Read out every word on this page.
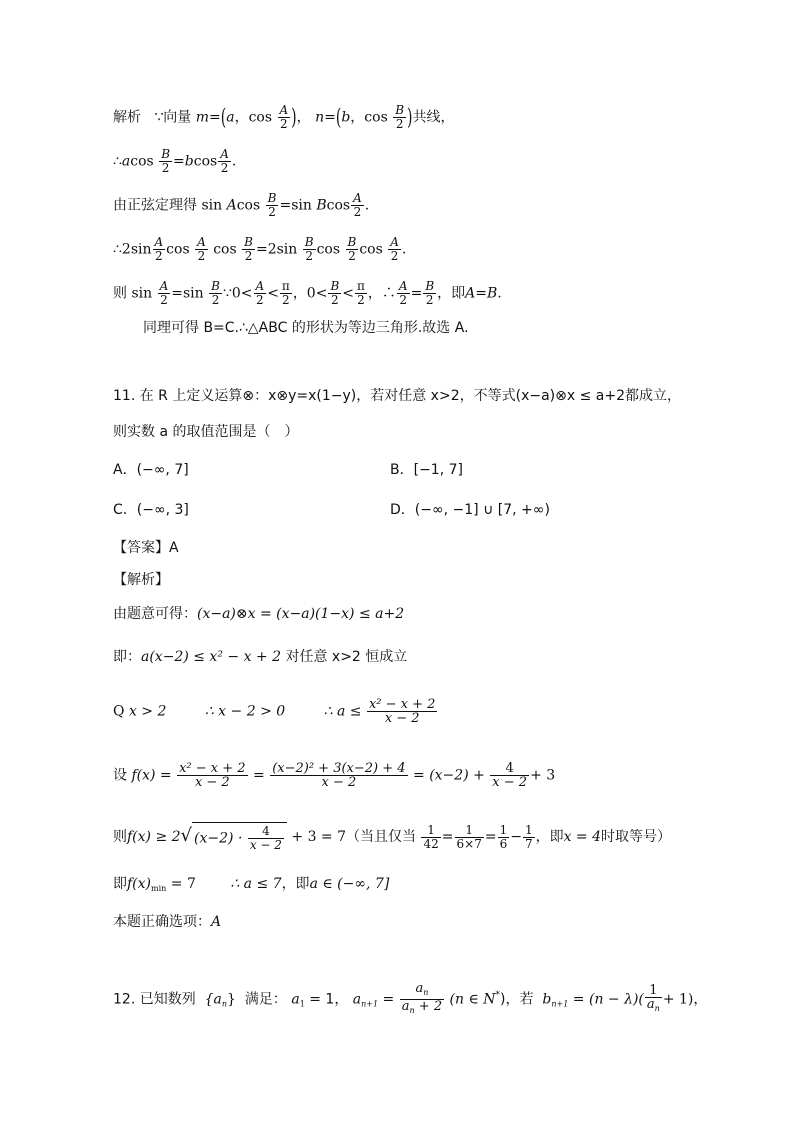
解析 ∵向量 m=(a，$\cos \frac{A}{2}$ )， n=(b，$\cos \frac{B}{2}$ )共线，
∴acos $\frac{B}{2} =bcos \frac{A}{2}$ .
由正弦定理得 sin Acos $\frac{B}{2} =\sin$ Bcos $\frac{A}{2}$ .
∴2sin $\frac{A}{2}$ $\cos \frac{A}{2}$ $\cos \frac{B}{2} =2\sin \frac{B}{2}$ $\cos \frac{B}{2}$ $\cos \frac{A}{2}$ .
则 $\sin \frac{A}{2} =\sin \frac{B}{2}$ ∵0< $\frac{A}{2} < \frac{\pi}{2}$ ，$0< \frac{B}{2} < \frac{\pi}{2}$ ，∴ $\frac{A}{2} = \frac{B}{2}$ ，即A=B.
同理可得 B=C.∴△ABC 的形状为等边三角形.故选 A.
11. 在 R 上定义运算⊗：x⊗y=x(1−y)，若对任意 x>2，不等式(x−a)⊗x ≤ a+2都成立，
则实数 a 的取值范围是（　）
A．(−∞, 7]	B．[−1, 7]
C．(−∞, 3]	D．(−∞, −1] ∪ [7, +∞)
【答案】A
【解析】
由题意可得：(x−a)⊗x = (x−a)(1−x) ≤ a+2
即：a(x−2) ≤ x² − x + 2 对任意 x>2 恒成立
Q x > 2	∴ x − 2 > 0	∴ $a \le \frac{\text{x² − x + 2}}{x - 2}$
设 $f(x) = \frac{\text{x² − x + 2}}{x - 2} = \frac{\text{(x−2)² + 3(x−2) + 4}}{x - 2} = (x-2) + \frac{4}{x - 2} + 3$
则f(x) ≥ 2√ $(x-2) \cdot \frac{4}{x - 2} + 3 = 7$（当且仅当 $\frac{1}{42} = \frac{1}{6\times 7} = \frac{1}{6} - \frac{1}{7}$ ，即x = 4时取等号）
即$f(x)_{min} = 7$ ∴ a ≤ 7，即a ∈ (−∞, 7]
本题正确选项：A
12. 已知数列 $\{a_n\}$ 满足： $a_1 = 1$， $a_{n+1} = \frac{a_n}{a_n + 2} (n$ ∈ N*)，若 $b_{n+1} = (n - \lambda)( \frac{1}{a_n} + 1)$，
